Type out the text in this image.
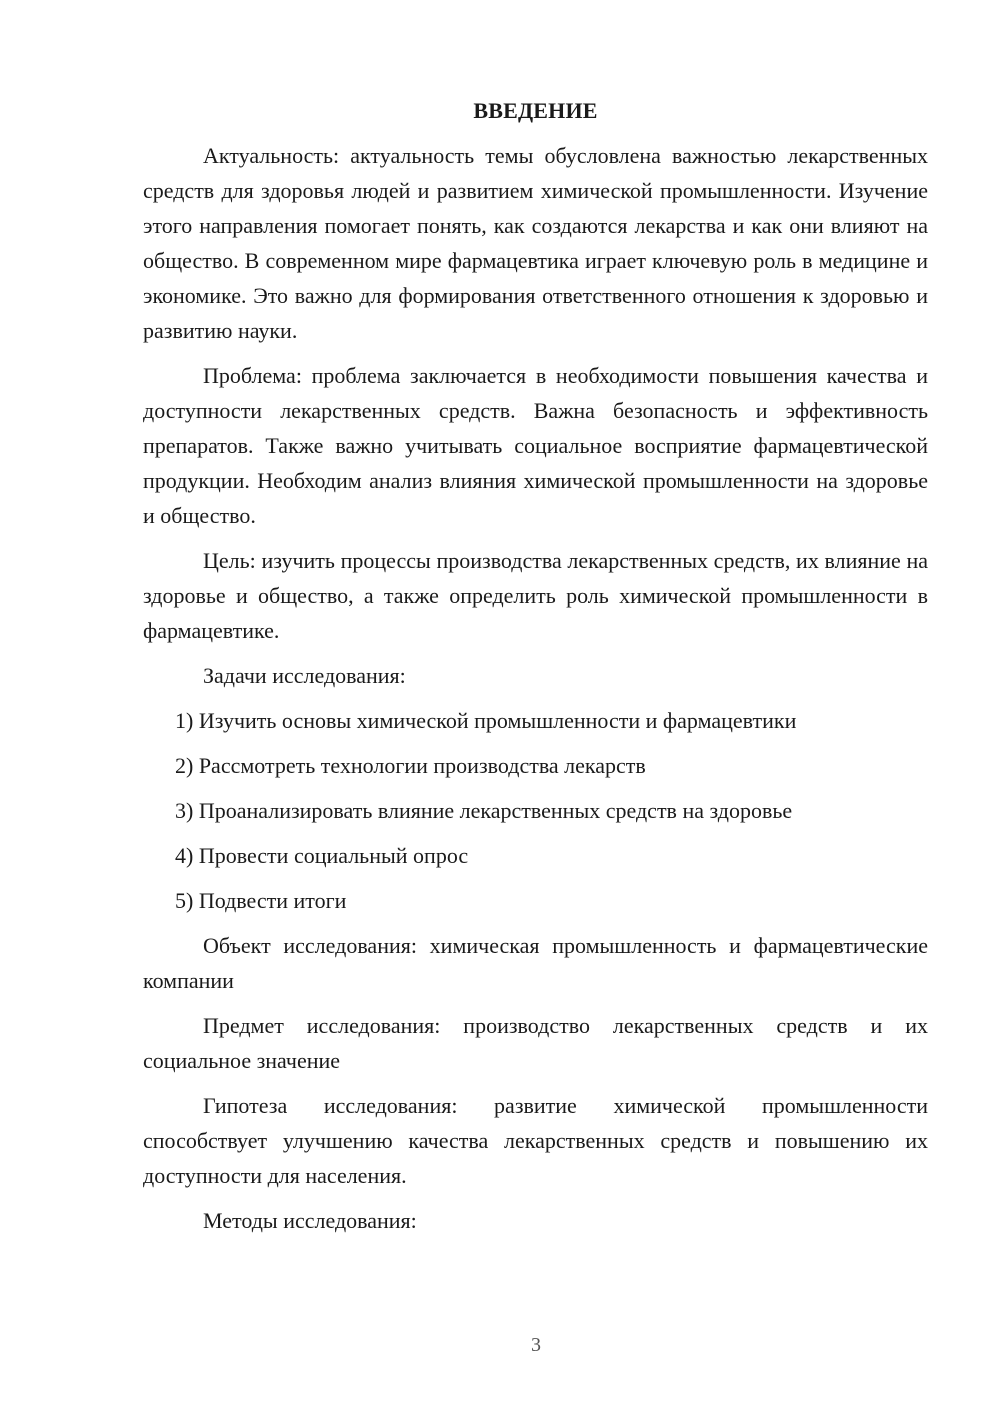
ВВЕДЕНИЕ

Актуальность: актуальность темы обусловлена важностью лекарственных средств для здоровья людей и развитием химической промышленности. Изучение этого направления помогает понять, как создаются лекарства и как они влияют на общество. В современном мире фармацевтика играет ключевую роль в медицине и экономике. Это важно для формирования ответственного отношения к здоровью и развитию науки.

Проблема: проблема заключается в необходимости повышения качества и доступности лекарственных средств. Важна безопасность и эффективность препаратов. Также важно учитывать социальное восприятие фармацевтической продукции. Необходим анализ влияния химической промышленности на здоровье и общество.

Цель: изучить процессы производства лекарственных средств, их влияние на здоровье и общество, а также определить роль химической промышленности в фармацевтике.

Задачи исследования:

1) Изучить основы химической промышленности и фармацевтики
2) Рассмотреть технологии производства лекарств
3) Проанализировать влияние лекарственных средств на здоровье
4) Провести социальный опрос
5) Подвести итоги

Объект исследования: химическая промышленность и фармацевтические компании

Предмет исследования: производство лекарственных средств и их социальное значение

Гипотеза исследования: развитие химической промышленности способствует улучшению качества лекарственных средств и повышению их доступности для населения.

Методы исследования:

3
